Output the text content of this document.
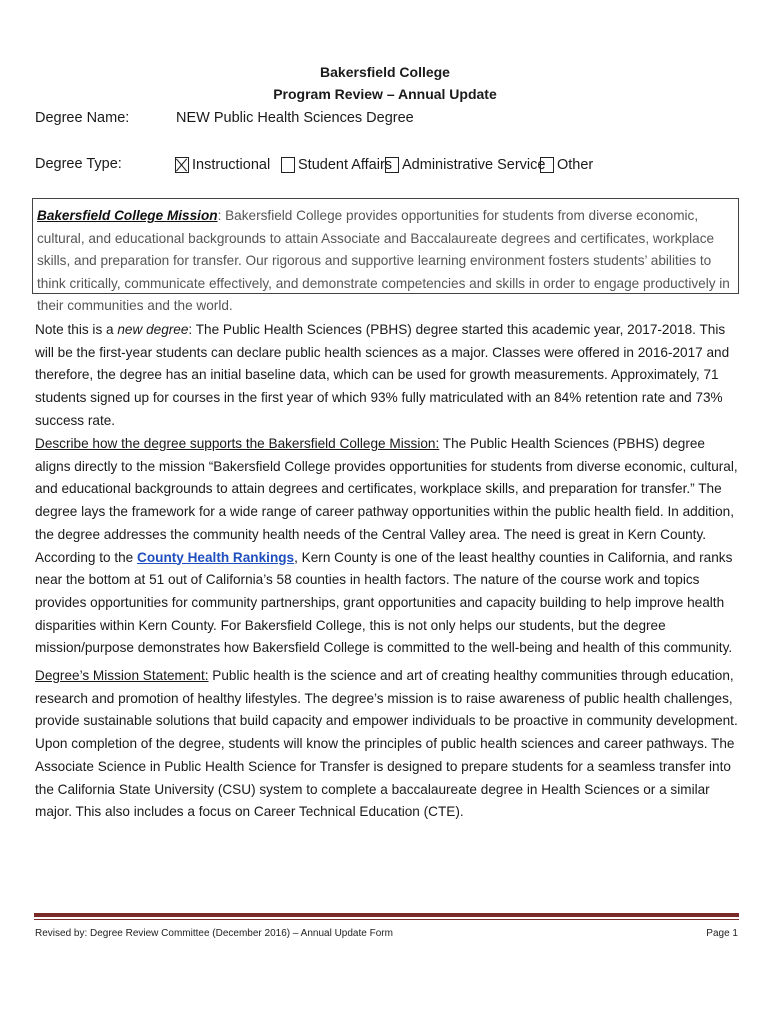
Bakersfield College
Program Review – Annual Update
Degree Name:	NEW Public Health Sciences Degree
Degree Type:	Instructional Student Affairs Administrative Service Other
Bakersfield College Mission: Bakersfield College provides opportunities for students from diverse economic, cultural, and educational backgrounds to attain Associate and Baccalaureate degrees and certificates, workplace skills, and preparation for transfer. Our rigorous and supportive learning environment fosters students’ abilities to think critically, communicate effectively, and demonstrate competencies and skills in order to engage productively in their communities and the world.
Note this is a new degree: The Public Health Sciences (PBHS) degree started this academic year, 2017-2018. This will be the first-year students can declare public health sciences as a major. Classes were offered in 2016-2017 and therefore, the degree has an initial baseline data, which can be used for growth measurements. Approximately, 71 students signed up for courses in the first year of which 93% fully matriculated with an 84% retention rate and 73% success rate.
Describe how the degree supports the Bakersfield College Mission: The Public Health Sciences (PBHS) degree aligns directly to the mission “Bakersfield College provides opportunities for students from diverse economic, cultural, and educational backgrounds to attain degrees and certificates, workplace skills, and preparation for transfer.” The degree lays the framework for a wide range of career pathway opportunities within the public health field. In addition, the degree addresses the community health needs of the Central Valley area. The need is great in Kern County. According to the County Health Rankings, Kern County is one of the least healthy counties in California, and ranks near the bottom at 51 out of California’s 58 counties in health factors. The nature of the course work and topics provides opportunities for community partnerships, grant opportunities and capacity building to help improve health disparities within Kern County. For Bakersfield College, this is not only helps our students, but the degree mission/purpose demonstrates how Bakersfield College is committed to the well-being and health of this community.
Degree’s Mission Statement: Public health is the science and art of creating healthy communities through education, research and promotion of healthy lifestyles. The degree’s mission is to raise awareness of public health challenges, provide sustainable solutions that build capacity and empower individuals to be proactive in community development. Upon completion of the degree, students will know the principles of public health sciences and career pathways. The Associate Science in Public Health Science for Transfer is designed to prepare students for a seamless transfer into the California State University (CSU) system to complete a baccalaureate degree in Health Sciences or a similar major. This also includes a focus on Career Technical Education (CTE).
Revised by: Degree Review Committee (December 2016) – Annual Update Form	Page 1
